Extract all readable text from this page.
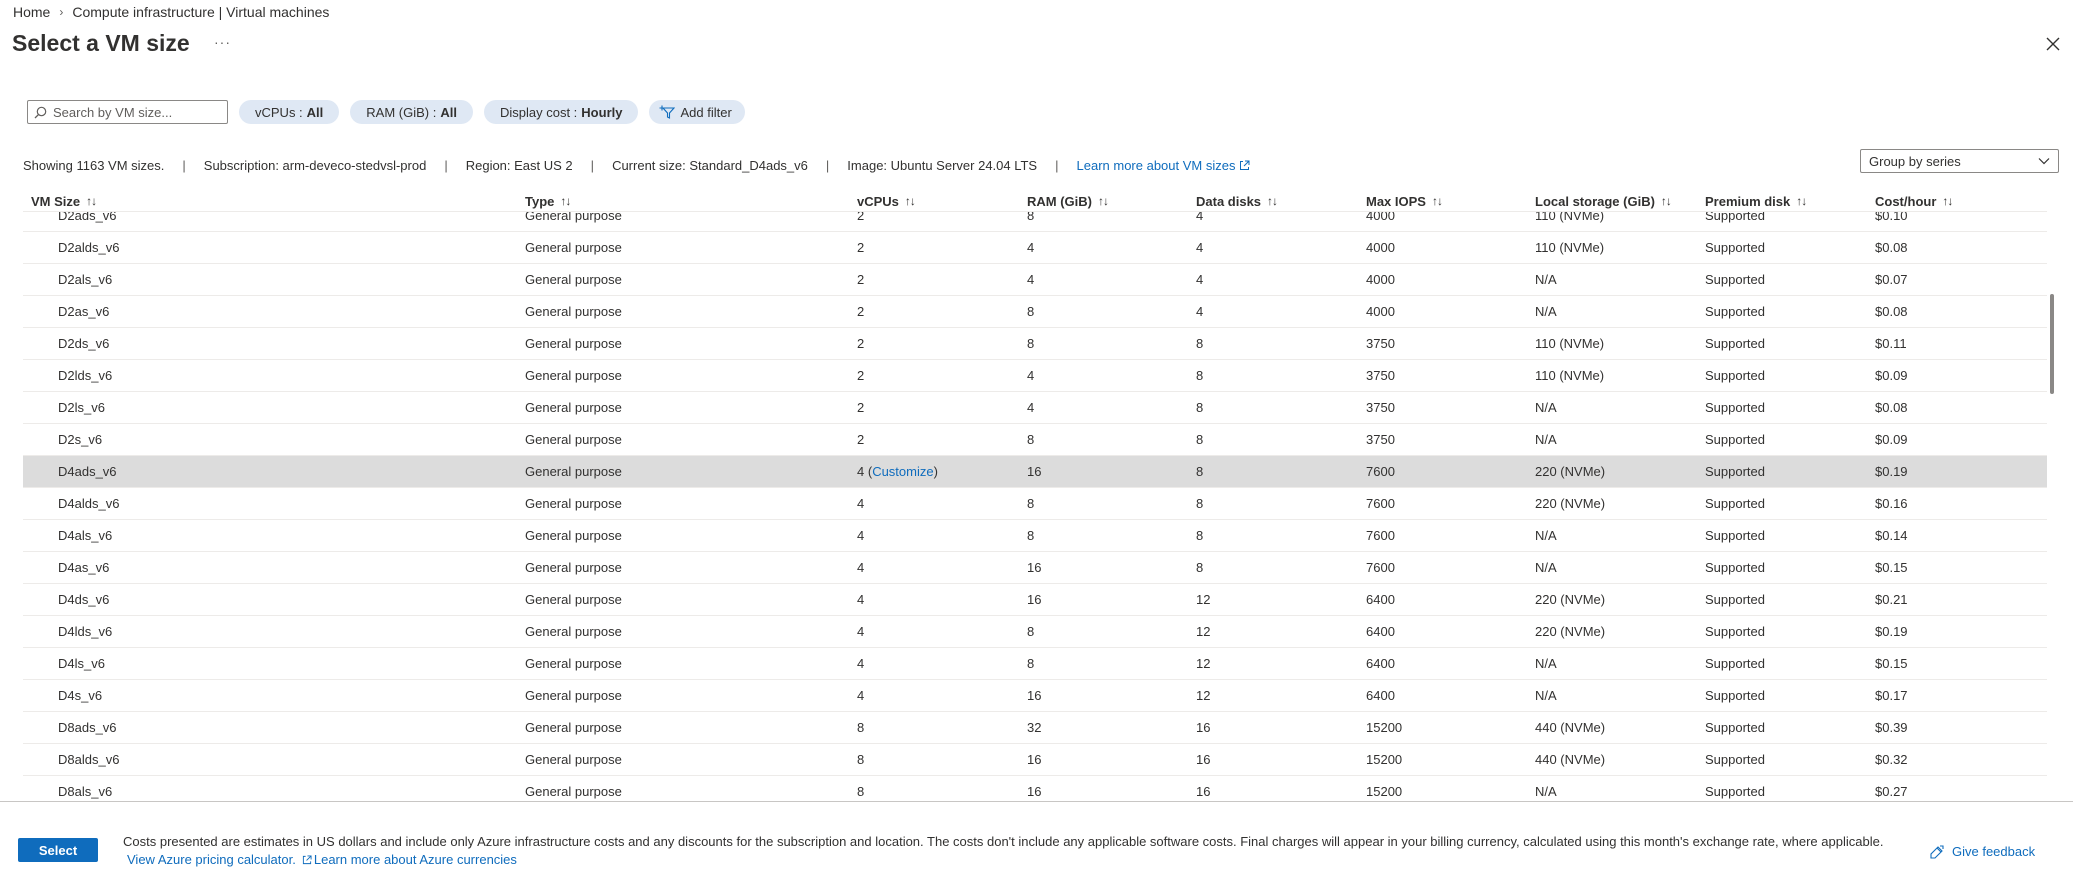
Home › Compute infrastructure | Virtual machines
Select a VM size ···
Search by VM size...
vCPUs : All	RAM (GiB) : All	Display cost : Hourly	Add filter
Showing 1163 VM sizes. | Subscription: arm-deveco-stedvsl-prod | Region: East US 2 | Current size: Standard_D4ads_v6 | Image: Ubuntu Server 24.04 LTS | Learn more about VM sizes	Group by series
VM Size ↑↓	Type ↑↓	vCPUs ↑↓	RAM (GiB) ↑↓	Data disks ↑↓	Max IOPS ↑↓	Local storage (GiB) ↑↓	Premium disk ↑↓	Cost/hour ↑↓
D2ads_v6	General purpose	2	8	4	4000	110 (NVMe)	Supported	$0.10
D2alds_v6	General purpose	2	4	4	4000	110 (NVMe)	Supported	$0.08
D2als_v6	General purpose	2	4	4	4000	N/A	Supported	$0.07
D2as_v6	General purpose	2	8	4	4000	N/A	Supported	$0.08
D2ds_v6	General purpose	2	8	8	3750	110 (NVMe)	Supported	$0.11
D2lds_v6	General purpose	2	4	8	3750	110 (NVMe)	Supported	$0.09
D2ls_v6	General purpose	2	4	8	3750	N/A	Supported	$0.08
D2s_v6	General purpose	2	8	8	3750	N/A	Supported	$0.09
D4ads_v6	General purpose	4 (Customize)	16	8	7600	220 (NVMe)	Supported	$0.19
D4alds_v6	General purpose	4	8	8	7600	220 (NVMe)	Supported	$0.16
D4als_v6	General purpose	4	8	8	7600	N/A	Supported	$0.14
D4as_v6	General purpose	4	16	8	7600	N/A	Supported	$0.15
D4ds_v6	General purpose	4	16	12	6400	220 (NVMe)	Supported	$0.21
D4lds_v6	General purpose	4	8	12	6400	220 (NVMe)	Supported	$0.19
D4ls_v6	General purpose	4	8	12	6400	N/A	Supported	$0.15
D4s_v6	General purpose	4	16	12	6400	N/A	Supported	$0.17
D8ads_v6	General purpose	8	32	16	15200	440 (NVMe)	Supported	$0.39
D8alds_v6	General purpose	8	16	16	15200	440 (NVMe)	Supported	$0.32
D8als_v6	General purpose	8	16	16	15200	N/A	Supported	$0.27
Select
Costs presented are estimates in US dollars and include only Azure infrastructure costs and any discounts for the subscription and location. The costs don't include any applicable software costs. Final charges will appear in your billing currency, calculated using this month's exchange rate, where applicable.
View Azure pricing calculator. Learn more about Azure currencies
Give feedback
